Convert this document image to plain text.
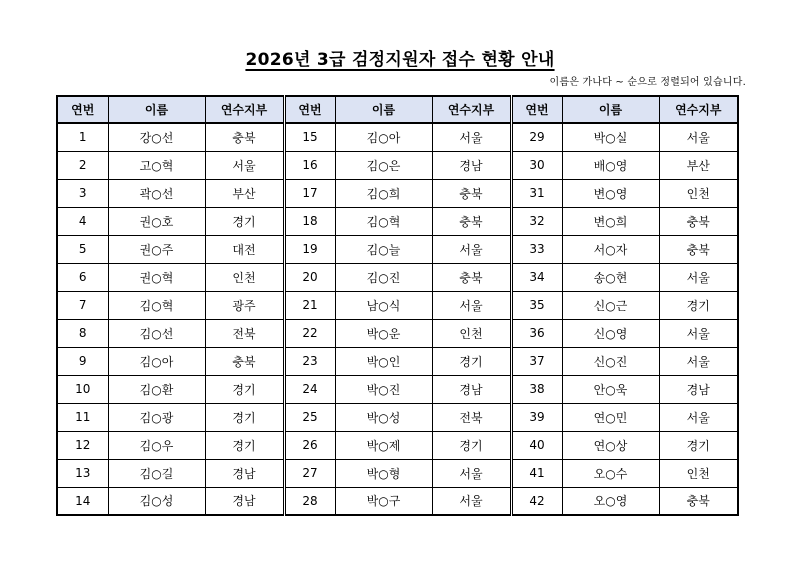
2026년 3급 검정지원자 접수 현황 안내
이름은 가나다 ~ 순으로 정렬되어 있습니다.
연번	이름	연수지부	연번	이름	연수지부	연번	이름	연수지부
1	강○선	충북	15	김○아	서울	29	박○실	서울
2	고○혁	서울	16	김○은	경남	30	배○영	부산
3	곽○선	부산	17	김○희	충북	31	변○영	인천
4	권○호	경기	18	김○혁	충북	32	변○희	충북
5	권○주	대전	19	김○늘	서울	33	서○자	충북
6	권○혁	인천	20	김○진	충북	34	송○현	서울
7	김○혁	광주	21	남○식	서울	35	신○근	경기
8	김○선	전북	22	박○운	인천	36	신○영	서울
9	김○아	충북	23	박○인	경기	37	신○진	서울
10	김○환	경기	24	박○진	경남	38	안○욱	경남
11	김○광	경기	25	박○성	전북	39	연○민	서울
12	김○우	경기	26	박○제	경기	40	연○상	경기
13	김○길	경남	27	박○형	서울	41	오○수	인천
14	김○성	경남	28	박○구	서울	42	오○영	충북
